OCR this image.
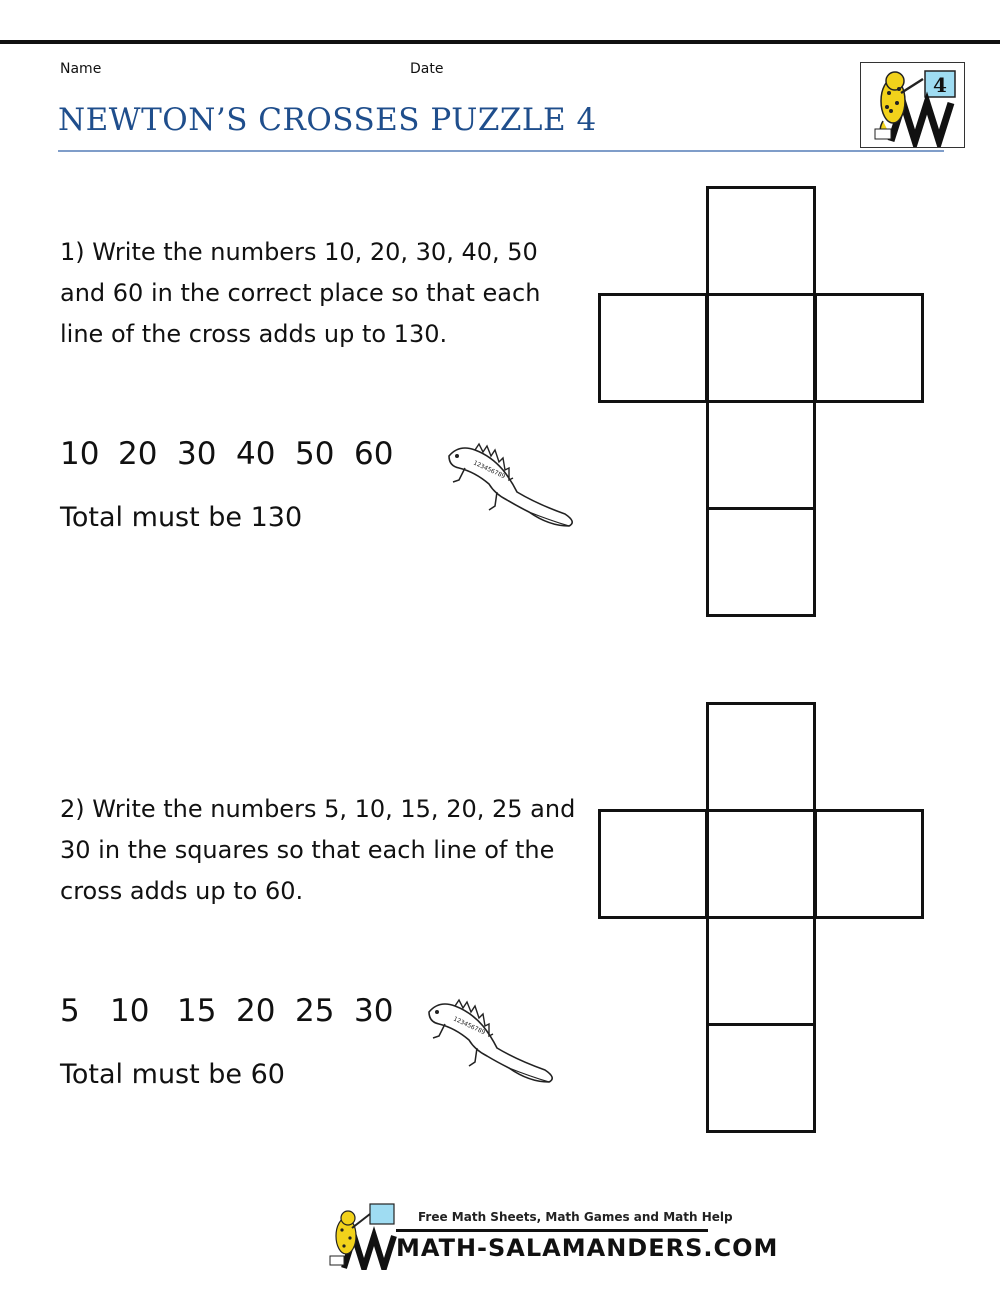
Name	Date
NEWTON’S CROSSES PUZZLE 4
4
1) Write the numbers 10, 20, 30, 40, 50 and 60 in the correct place so that each line of the cross adds up to 130.
10 20 30 40 50 60
Total must be 130
123456789
2) Write the numbers 5, 10, 15, 20, 25 and 30 in the squares so that each line of the cross adds up to 60.
5 10 15 20 25 30
Total must be 60
123456789
Free Math Sheets, Math Games and Math Help
MATH-SALAMANDERS.COM
